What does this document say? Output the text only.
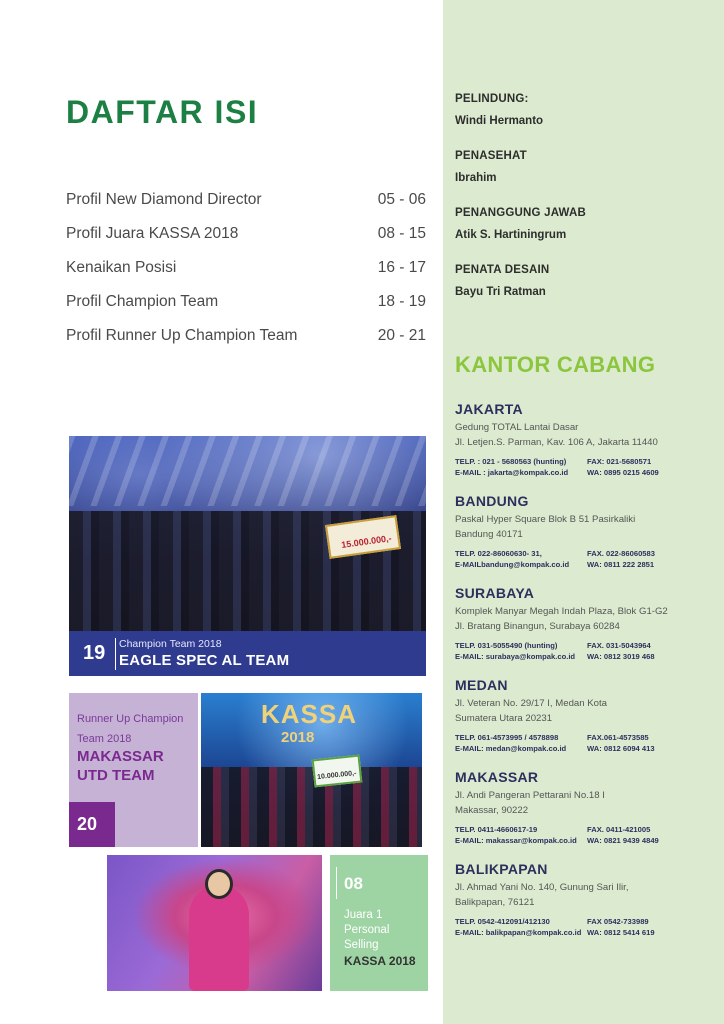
PELINDUNG:
Windi Hermanto
PENASEHAT
Ibrahim
PENANGGUNG JAWAB
Atik S. Hartiningrum
PENATA DESAIN
Bayu Tri Ratman
KANTOR CABANG
JAKARTA
Gedung TOTAL Lantai Dasar
Jl. Letjen.S. Parman, Kav. 106 A, Jakarta 11440
TELP. : 021 - 5680563 (hunting)	FAX: 021-5680571
E-MAIL : jakarta@kompak.co.id	WA: 0895 0215 4609
BANDUNG
Paskal Hyper Square Blok B 51 Pasirkaliki
Bandung 40171
TELP. 022-86060630- 31,	FAX. 022-86060583
E-MAILbandung@kompak.co.id	WA: 0811 222 2851
SURABAYA
Komplek Manyar Megah Indah Plaza, Blok G1-G2
Jl. Bratang Binangun, Surabaya 60284
TELP. 031-5055490 (hunting)	FAX. 031-5043964
E-MAIL: surabaya@kompak.co.id	WA: 0812 3019 468
MEDAN
Jl. Veteran No. 29/17 I, Medan Kota
Sumatera Utara 20231
TELP. 061-4573995 / 4578898	FAX.061-4573585
E-MAIL: medan@kompak.co.id	WA: 0812 6094 413
MAKASSAR
Jl. Andi Pangeran Pettarani No.18 I
Makassar, 90222
TELP. 0411-4660617-19	FAX. 0411-421005
E-MAIL: makassar@kompak.co.id	WA: 0821 9439 4849
BALIKPAPAN
Jl. Ahmad Yani No. 140, Gunung Sari Ilir,
Balikpapan, 76121
TELP. 0542-412091/412130	FAX 0542-733989
E-MAIL: balikpapan@kompak.co.id WA: 0812 5414 619
DAFTAR ISI
Profil New Diamond Director	05 - 06
Profil Juara KASSA 2018	08 - 15
Kenaikan Posisi	16 - 17
Profil Champion Team	18 - 19
Profil Runner Up Champion Team	20 - 21
15.000.000,-
19 Champion Team 2018
EAGLE SPEC AL TEAM
Runner Up Champion Team 2018
MAKASSAR UTD TEAM
20
KASSA
2018
10.000.000,-
08
Juara 1 Personal Selling
KASSA 2018
